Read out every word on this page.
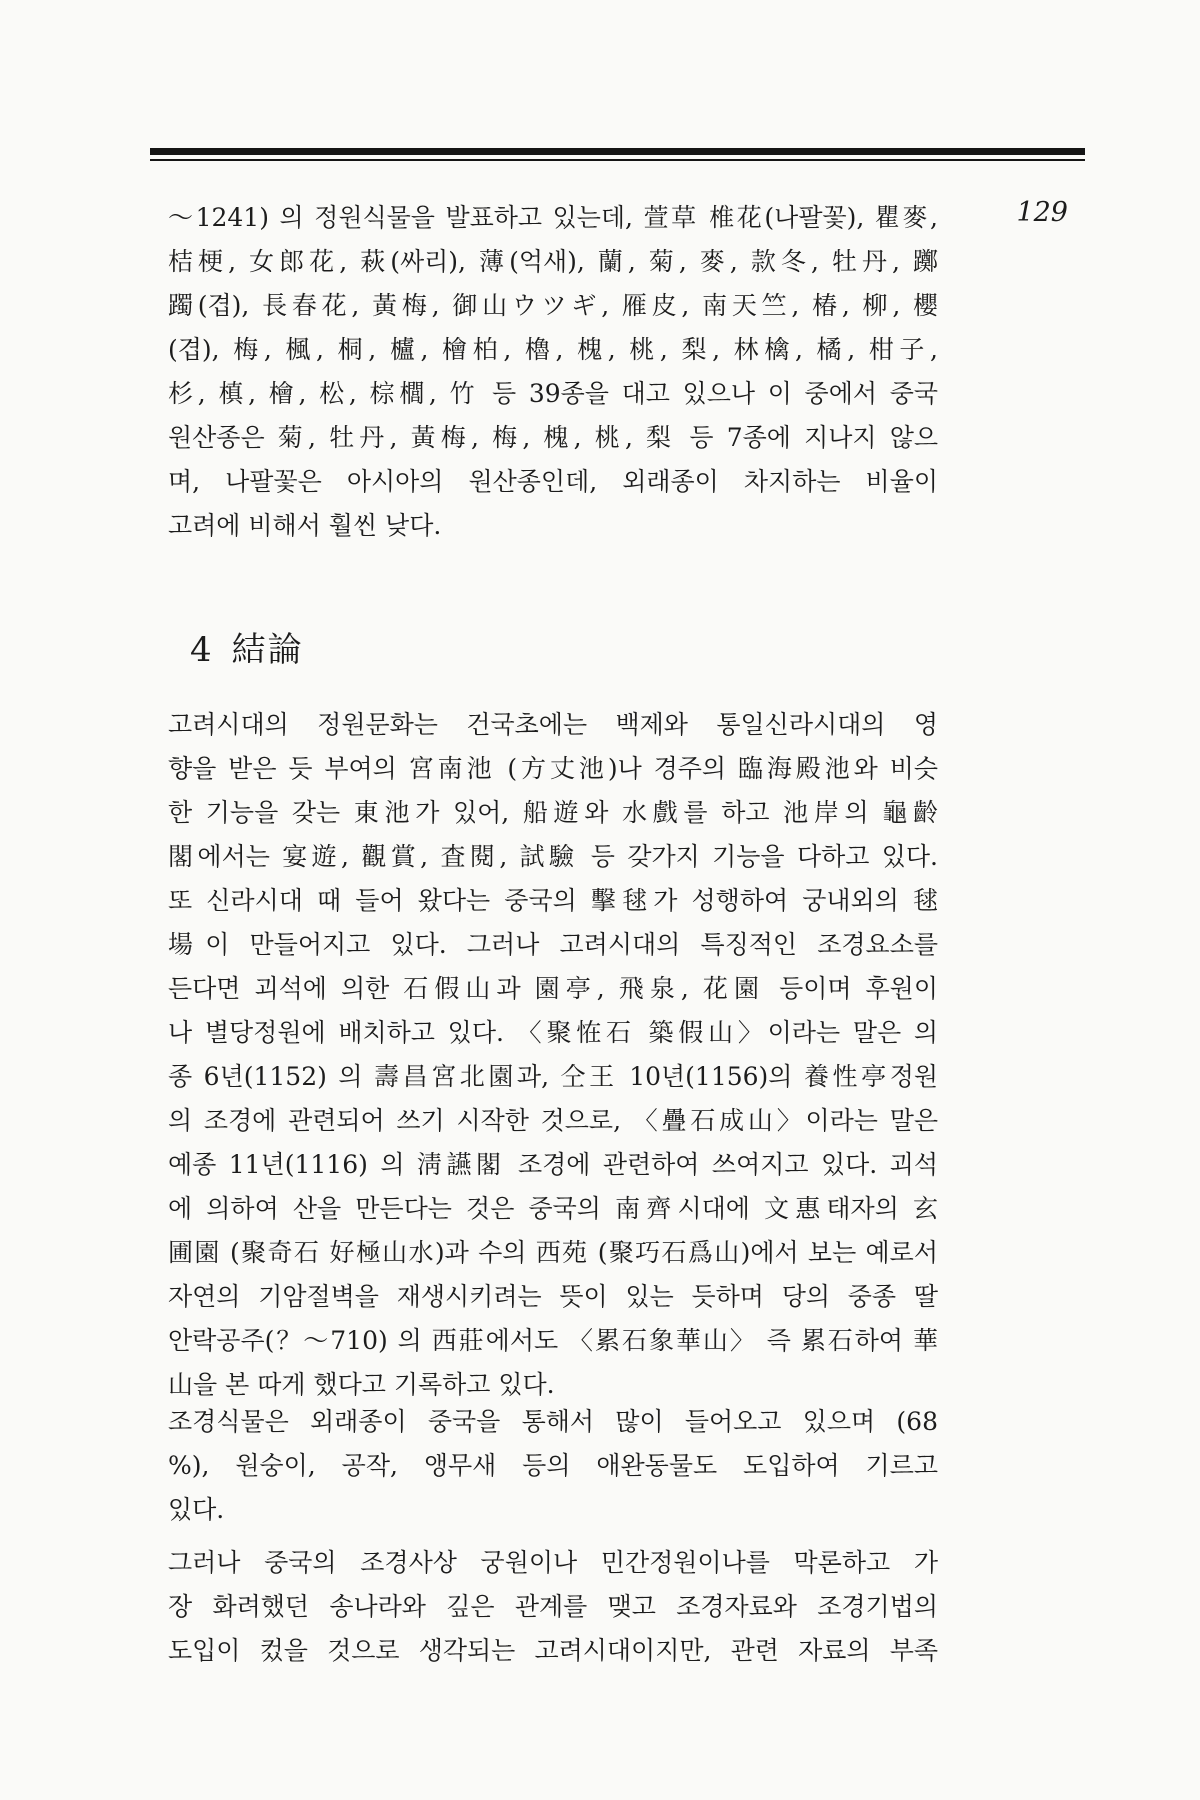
129
～1241) 의 정원식물을 발표하고 있는데, 萱草 椎花(나팔꽃), 瞿麥,
桔梗, 女郎花, 萩(싸리), 薄(억새), 蘭, 菊, 麥, 款冬, 牡丹, 躑
躅(겹), 長春花, 黃梅, 御山ウツギ, 雁皮, 南天竺, 椿, 柳, 櫻
(겹), 梅, 楓, 桐, 櫨, 檜柏, 櫓, 槐, 桃, 梨, 林檎, 橘, 柑子,
杉, 槙, 檜, 松, 棕櫚, 竹 등 39종을 대고 있으나 이 중에서 중국
원산종은 菊, 牡丹, 黃梅, 梅, 槐, 桃, 梨 등 7종에 지나지 않으
며, 나팔꽃은 아시아의 원산종인데, 외래종이 차지하는 비율이
고려에 비해서 훨씬 낮다.
4 結論
고려시대의 정원문화는 건국초에는 백제와 통일신라시대의 영
향을 받은 듯 부여의 宮南池 (方丈池)나 경주의 臨海殿池와 비슷
한 기능을 갖는 東池가 있어, 船遊와 水戲를 하고 池岸의 龜齡
閣에서는 宴遊, 觀賞, 査閱, 試驗 등 갖가지 기능을 다하고 있다.
또 신라시대 때 들어 왔다는 중국의 擊毬가 성행하여 궁내외의 毬
場이 만들어지고 있다. 그러나 고려시대의 특징적인 조경요소를
든다면 괴석에 의한 石假山과 園亭, 飛泉, 花園 등이며 후원이
나 별당정원에 배치하고 있다. 〈聚恠石 築假山〉이라는 말은 의
종 6년(1152) 의 壽昌宮北園과, 仝王 10년(1156)의 養性亭정원
의 조경에 관련되어 쓰기 시작한 것으로, 〈疊石成山〉이라는 말은
예종 11년(1116) 의 淸讌閣 조경에 관련하여 쓰여지고 있다. 괴석
에 의하여 산을 만든다는 것은 중국의 南齊시대에 文惠태자의 玄
圃園 (聚奇石 好極山水)과 수의 西苑 (聚巧石爲山)에서 보는 예로서
자연의 기암절벽을 재생시키려는 뜻이 있는 듯하며 당의 중종 딸
안락공주(？～710) 의 西莊에서도 〈累石象華山〉 즉 累石하여 華
山을 본 따게 했다고 기록하고 있다.
조경식물은 외래종이 중국을 통해서 많이 들어오고 있으며 (68
%), 원숭이, 공작, 앵무새 등의 애완동물도 도입하여 기르고
있다.
그러나 중국의 조경사상 궁원이나 민간정원이나를 막론하고 가
장 화려했던 송나라와 깊은 관계를 맺고 조경자료와 조경기법의
도입이 컸을 것으로 생각되는 고려시대이지만, 관련 자료의 부족
